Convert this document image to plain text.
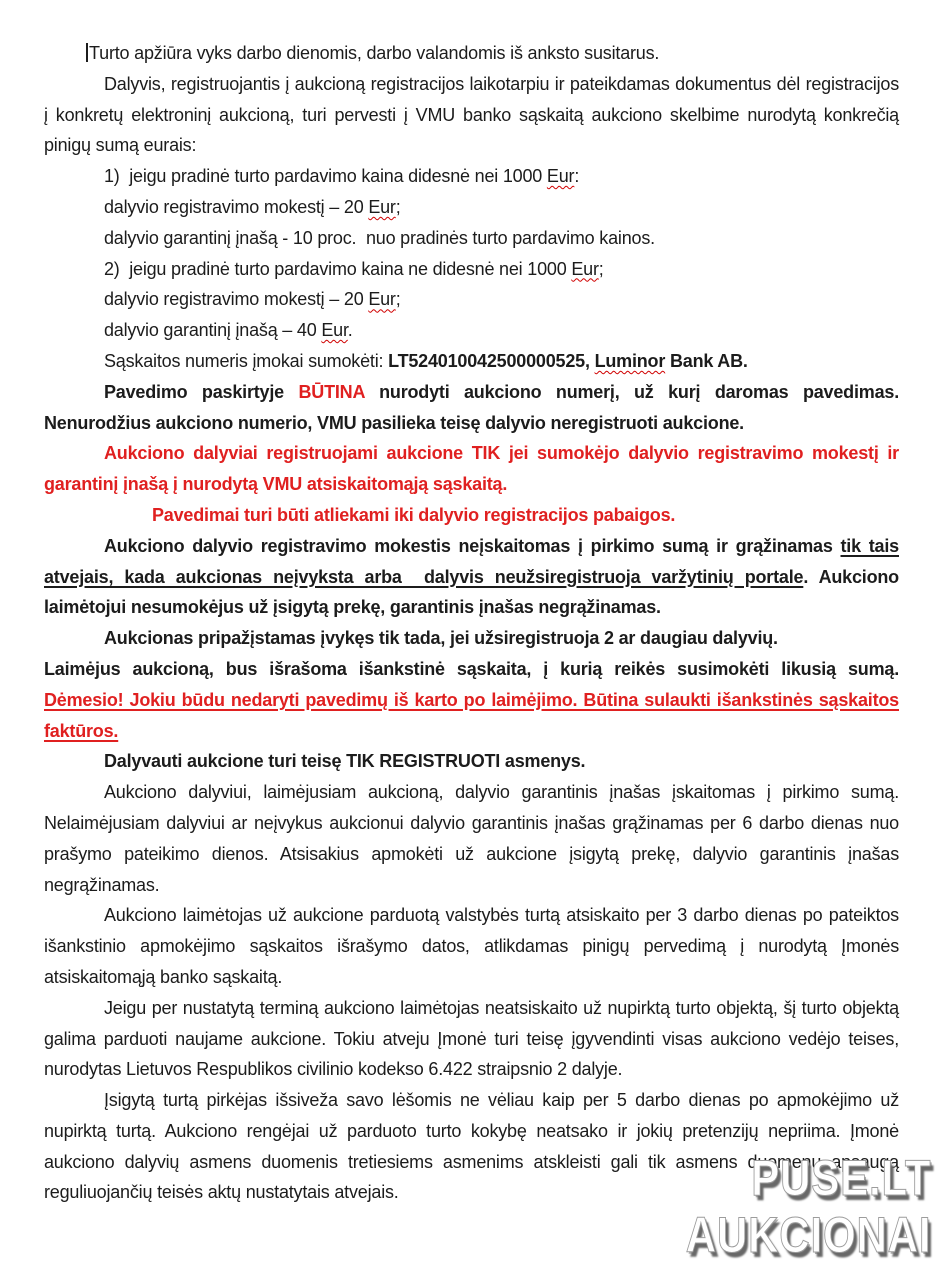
Turto apžiūra vyks darbo dienomis, darbo valandomis iš anksto susitarus.

Dalyvis, registruojantis į aukcioną registracijos laikotarpiu ir pateikdamas dokumentus dėl registracijos į konkretų elektroninį aukcioną, turi pervesti į VMU banko sąskaitą aukciono skelbime nurodytą konkrečią pinigų sumą eurais:

1)  jeigu pradinė turto pardavimo kaina didesnė nei 1000 Eur:

dalyvio registravimo mokestį – 20 Eur;

dalyvio garantinį įnašą - 10 proc.  nuo pradinės turto pardavimo kainos.

2)  jeigu pradinė turto pardavimo kaina ne didesnė nei 1000 Eur;

dalyvio registravimo mokestį – 20 Eur;

dalyvio garantinį įnašą – 40 Eur.

Sąskaitos numeris įmokai sumokėti: LT524010042500000525, Luminor Bank AB.

Pavedimo paskirtyje BŪTINA nurodyti aukciono numerį, už kurį daromas pavedimas. Nenurodžius aukciono numerio, VMU pasilieka teisę dalyvio neregistruoti aukcione.

Aukciono dalyviai registruojami aukcione TIK jei sumokėjo dalyvio registravimo mokestį ir garantinį įnašą į nurodytą VMU atsiskaitomąją sąskaitą.

Pavedimai turi būti atliekami iki dalyvio registracijos pabaigos.

Aukciono dalyvio registravimo mokestis neįskaitomas į pirkimo sumą ir grąžinamas tik tais atvejais, kada aukcionas neįvyksta arba  dalyvis neužsiregistruoja varžytinių portale. Aukciono laimėtojui nesumokėjus už įsigytą prekę, garantinis įnašas negrąžinamas.

Aukcionas pripažįstamas įvykęs tik tada, jei užsiregistruoja 2 ar daugiau dalyvių.

Laimėjus aukcioną, bus išrašoma išankstinė sąskaita, į kurią reikės susimokėti likusią sumą.

Dėmesio! Jokiu būdu nedaryti pavedimų iš karto po laimėjimo. Būtina sulaukti išankstinės sąskaitos faktūros.

Dalyvauti aukcione turi teisę TIK REGISTRUOTI asmenys.

Aukciono dalyviui, laimėjusiam aukcioną, dalyvio garantinis įnašas įskaitomas į pirkimo sumą. Nelaimėjusiam dalyviui ar neįvykus aukcionui dalyvio garantinis įnašas grąžinamas per 6 darbo dienas nuo prašymo pateikimo dienos. Atsisakius apmokėti už aukcione įsigytą prekę, dalyvio garantinis įnašas negrąžinamas.

Aukciono laimėtojas už aukcione parduotą valstybės turtą atsiskaito per 3 darbo dienas po pateiktos išankstinio apmokėjimo sąskaitos išrašymo datos, atlikdamas pinigų pervedimą į nurodytą Įmonės atsiskaitomąją banko sąskaitą.

Jeigu per nustatytą terminą aukciono laimėtojas neatsiskaito už nupirktą turto objektą, šį turto objektą galima parduoti naujame aukcione. Tokiu atveju Įmonė turi teisę įgyvendinti visas aukciono vedėjo teises, nurodytas Lietuvos Respublikos civilinio kodekso 6.422 straipsnio 2 dalyje.

Įsigytą turtą pirkėjas išsiveža savo lėšomis ne vėliau kaip per 5 darbo dienas po apmokėjimo už nupirktą turtą. Aukciono rengėjai už parduoto turto kokybę neatsako ir jokių pretenzijų nepriima. Įmonė aukciono dalyvių asmens duomenis tretiesiems asmenims atskleisti gali tik asmens duomenų apsaugą reguliuojančių teisės aktų nustatytais atvejais.	PUSE.LT
AUKCIONAI
